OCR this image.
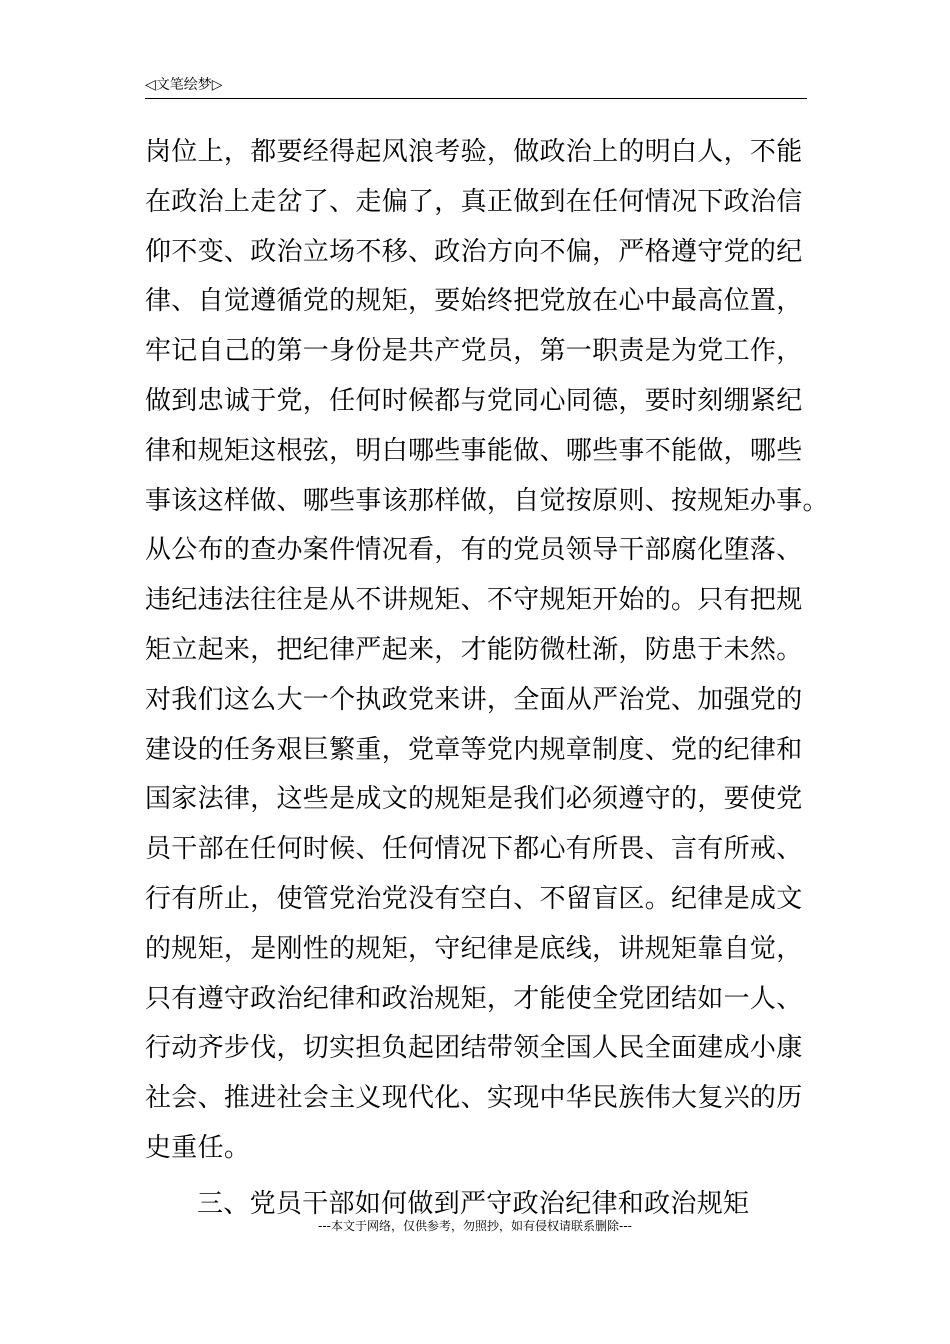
◁文笔绘梦▷
岗位上，都要经得起风浪考验，做政治上的明白人，不能
在政治上走岔了、走偏了，真正做到在任何情况下政治信
仰不变、政治立场不移、政治方向不偏，严格遵守党的纪
律、自觉遵循党的规矩，要始终把党放在心中最高位置，
牢记自己的第一身份是共产党员，第一职责是为党工作，
做到忠诚于党，任何时候都与党同心同德，要时刻绷紧纪
律和规矩这根弦，明白哪些事能做、哪些事不能做，哪些
事该这样做、哪些事该那样做，自觉按原则、按规矩办事。
从公布的查办案件情况看，有的党员领导干部腐化堕落、
违纪违法往往是从不讲规矩、不守规矩开始的。只有把规
矩立起来，把纪律严起来，才能防微杜渐，防患于未然。
对我们这么大一个执政党来讲，全面从严治党、加强党的
建设的任务艰巨繁重，党章等党内规章制度、党的纪律和
国家法律，这些是成文的规矩是我们必须遵守的，要使党
员干部在任何时候、任何情况下都心有所畏、言有所戒、
行有所止，使管党治党没有空白、不留盲区。纪律是成文
的规矩，是刚性的规矩，守纪律是底线，讲规矩靠自觉，
只有遵守政治纪律和政治规矩，才能使全党团结如一人、
行动齐步伐，切实担负起团结带领全国人民全面建成小康
社会、推进社会主义现代化、实现中华民族伟大复兴的历
史重任。
三、党员干部如何做到严守政治纪律和政治规矩
---本文于网络，仅供参考，勿照抄，如有侵权请联系删除---
